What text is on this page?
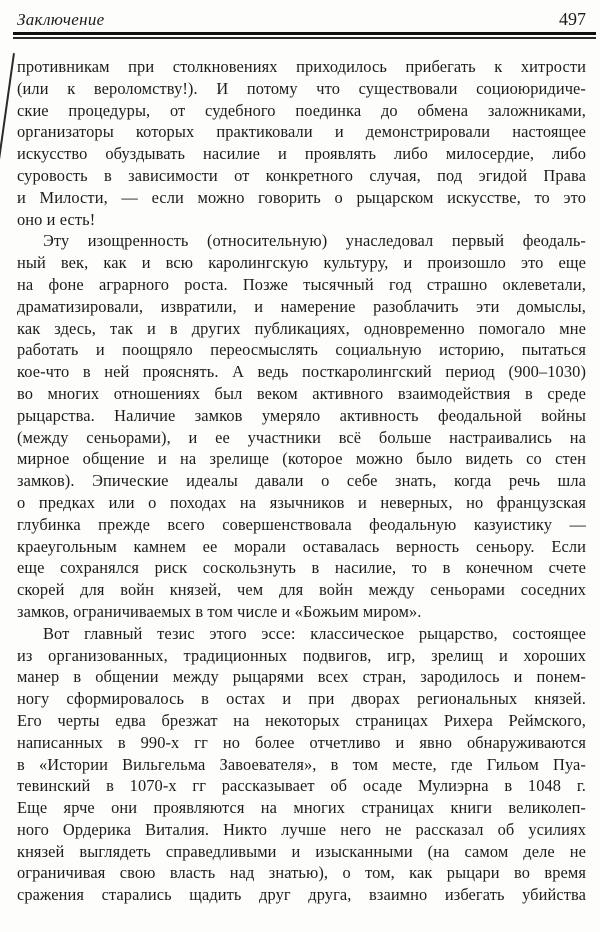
Заключение	497
противникам при столкновениях приходилось прибегать к хитрости
(или к вероломству!). И потому что существовали социоюридиче-
ские процедуры, от судебного поединка до обмена заложниками,
организаторы которых практиковали и демонстрировали настоящее
искусство обуздывать насилие и проявлять либо милосердие, либо
суровость в зависимости от конкретного случая, под эгидой Права
и Милости, — если можно говорить о рыцарском искусстве, то это
оно и есть!
Эту изощренность (относительную) унаследовал первый феодаль-
ный век, как и всю каролингскую культуру, и произошло это еще
на фоне аграрного роста. Позже тысячный год страшно оклеветали,
драматизировали, извратили, и намерение разоблачить эти домыслы,
как здесь, так и в других публикациях, одновременно помогало мне
работать и поощряло переосмыслять социальную историю, пытаться
кое-что в ней прояснять. А ведь посткаролингский период (900–1030)
во многих отношениях был веком активного взаимодействия в среде
рыцарства. Наличие замков умеряло активность феодальной войны
(между сеньорами), и ее участники всё больше настраивались на
мирное общение и на зрелище (которое можно было видеть со стен
замков). Эпические идеалы давали о себе знать, когда речь шла
о предках или о походах на язычников и неверных, но французская
глубинка прежде всего совершенствовала феодальную казуистику —
краеугольным камнем ее морали оставалась верность сеньору. Если
еще сохранялся риск соскользнуть в насилие, то в конечном счете
скорей для войн князей, чем для войн между сеньорами соседних
замков, ограничиваемых в том числе и «Божьим миром».
Вот главный тезис этого эссе: классическое рыцарство, состоящее
из организованных, традиционных подвигов, игр, зрелищ и хороших
манер в общении между рыцарями всех стран, зародилось и понем-
ногу сформировалось в остах и при дворах региональных князей.
Его черты едва брезжат на некоторых страницах Рихера Реймского,
написанных в 990-х гг но более отчетливо и явно обнаруживаются
в «Истории Вильгельма Завоевателя», в том месте, где Гильом Пуа-
тевинский в 1070-х гг рассказывает об осаде Мулиэрна в 1048 г.
Еще ярче они проявляются на многих страницах книги великолеп-
ного Ордерика Виталия. Никто лучше него не рассказал об усилиях
князей выглядеть справедливыми и изысканными (на самом деле не
ограничивая свою власть над знатью), о том, как рыцари во время
сражения старались щадить друг друга, взаимно избегать убийства
